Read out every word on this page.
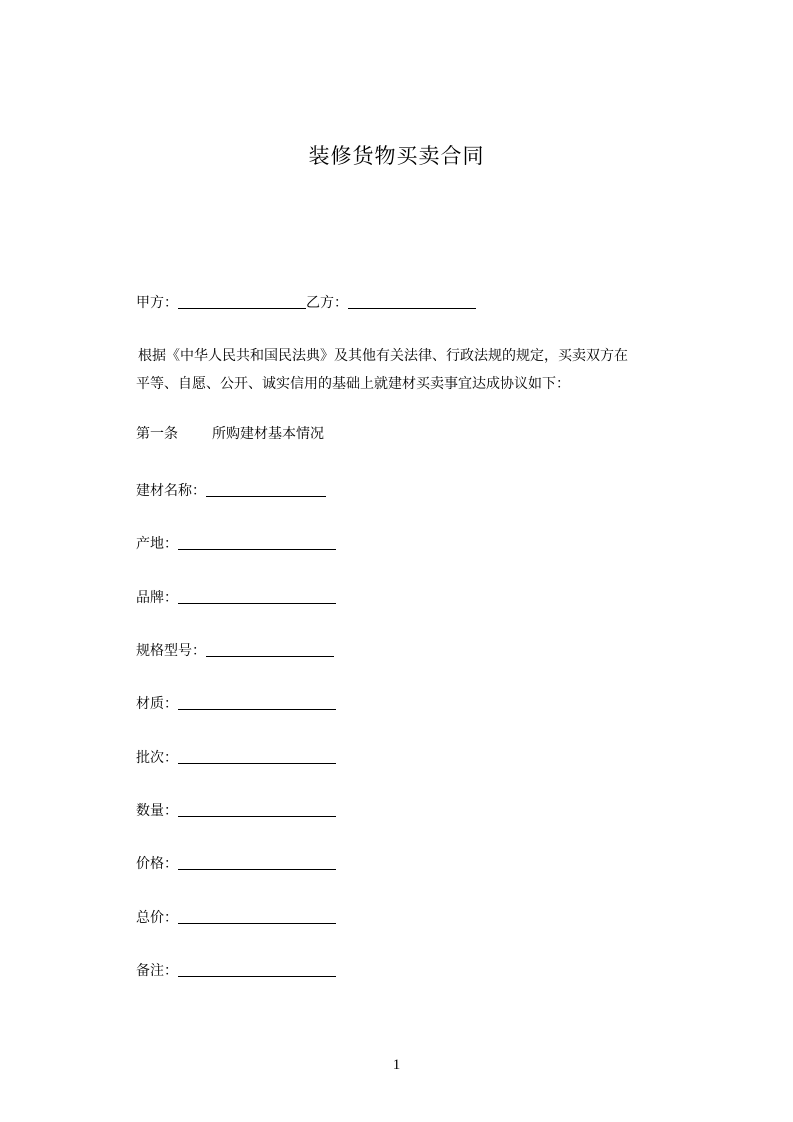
装修货物买卖合同
甲方：	乙方：
根据《中华人民共和国民法典》及其他有关法律、行政法规的规定，买卖双方在
平等、自愿、公开、诚实信用的基础上就建材买卖事宜达成协议如下：
第一条 所购建材基本情况
建材名称：
产地：
品牌：
规格型号：
材质：
批次：
数量：
价格：
总价：
备注：
1
